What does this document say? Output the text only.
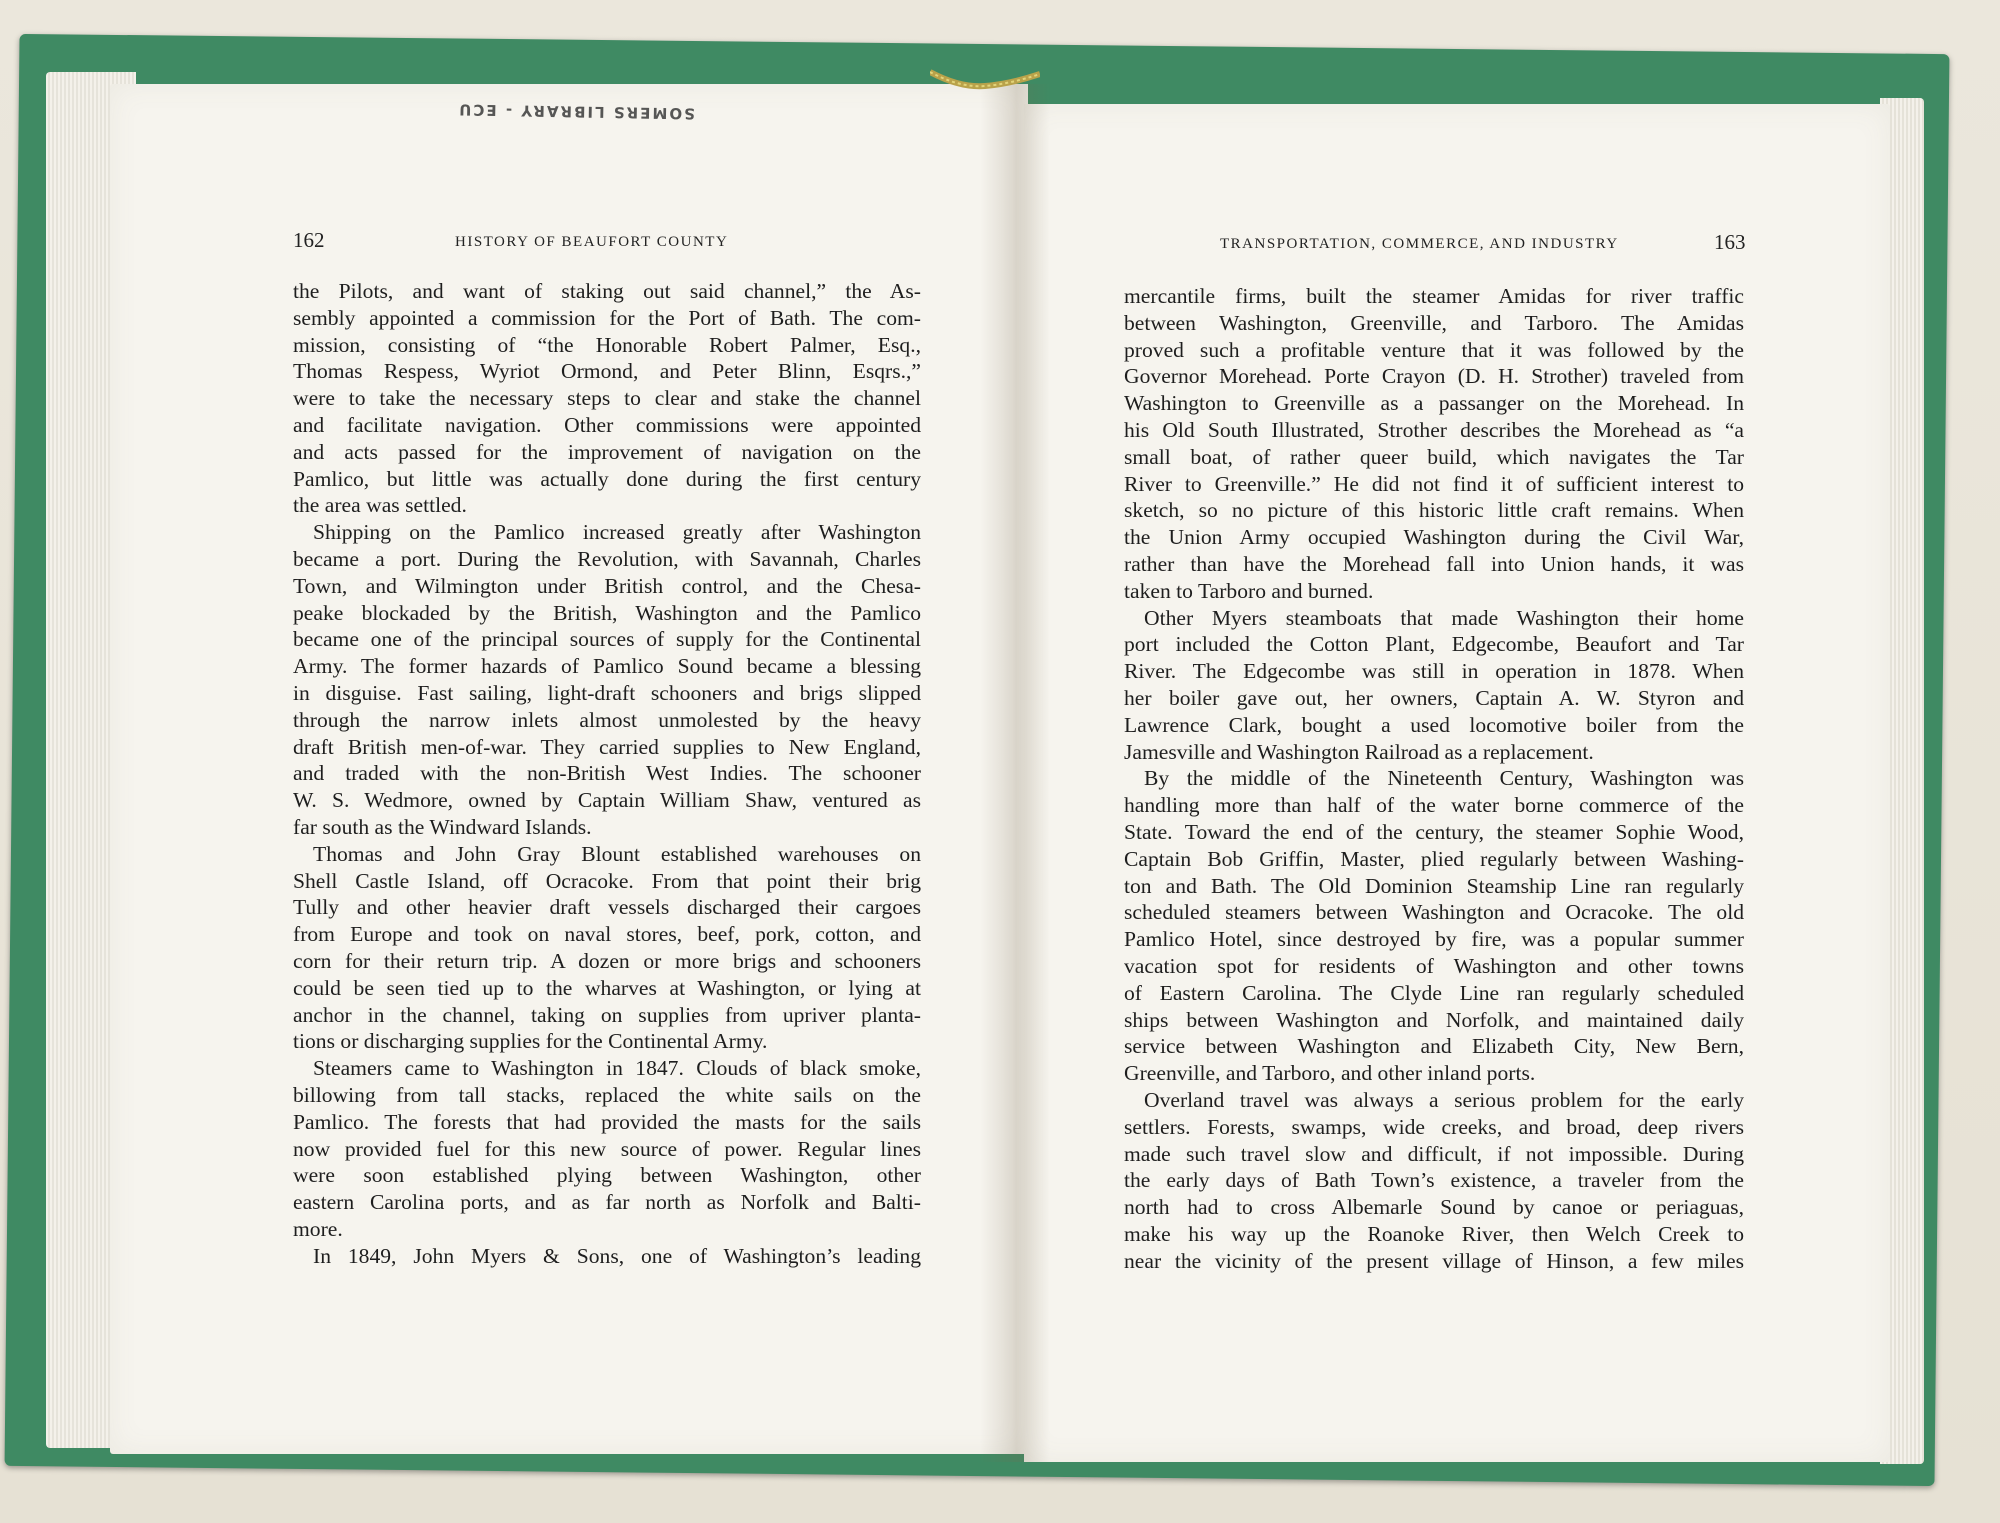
SOMERS LIBRARY - ECU
162	HISTORY OF BEAUFORT COUNTY	TRANSPORTATION, COMMERCE, AND INDUSTRY	163
the Pilots, and want of staking out said channel,” the As-
sembly appointed a commission for the Port of Bath. The com-
mission, consisting of “the Honorable Robert Palmer, Esq.,
Thomas Respess, Wyriot Ormond, and Peter Blinn, Esqrs.,”
were to take the necessary steps to clear and stake the channel
and facilitate navigation. Other commissions were appointed
and acts passed for the improvement of navigation on the
Pamlico, but little was actually done during the first century
the area was settled.
Shipping on the Pamlico increased greatly after Washington
became a port. During the Revolution, with Savannah, Charles
Town, and Wilmington under British control, and the Chesa-
peake blockaded by the British, Washington and the Pamlico
became one of the principal sources of supply for the Continental
Army. The former hazards of Pamlico Sound became a blessing
in disguise. Fast sailing, light-draft schooners and brigs slipped
through the narrow inlets almost unmolested by the heavy
draft British men-of-war. They carried supplies to New England,
and traded with the non-British West Indies. The schooner
W. S. Wedmore, owned by Captain William Shaw, ventured as
far south as the Windward Islands.
Thomas and John Gray Blount established warehouses on
Shell Castle Island, off Ocracoke. From that point their brig
Tully and other heavier draft vessels discharged their cargoes
from Europe and took on naval stores, beef, pork, cotton, and
corn for their return trip. A dozen or more brigs and schooners
could be seen tied up to the wharves at Washington, or lying at
anchor in the channel, taking on supplies from upriver planta-
tions or discharging supplies for the Continental Army.
Steamers came to Washington in 1847. Clouds of black smoke,
billowing from tall stacks, replaced the white sails on the
Pamlico. The forests that had provided the masts for the sails
now provided fuel for this new source of power. Regular lines
were soon established plying between Washington, other
eastern Carolina ports, and as far north as Norfolk and Balti-
more.
In 1849, John Myers & Sons, one of Washington’s leading
mercantile firms, built the steamer Amidas for river traffic
between Washington, Greenville, and Tarboro. The Amidas
proved such a profitable venture that it was followed by the
Governor Morehead. Porte Crayon (D. H. Strother) traveled from
Washington to Greenville as a passanger on the Morehead. In
his Old South Illustrated, Strother describes the Morehead as “a
small boat, of rather queer build, which navigates the Tar
River to Greenville.” He did not find it of sufficient interest to
sketch, so no picture of this historic little craft remains. When
the Union Army occupied Washington during the Civil War,
rather than have the Morehead fall into Union hands, it was
taken to Tarboro and burned.
Other Myers steamboats that made Washington their home
port included the Cotton Plant, Edgecombe, Beaufort and Tar
River. The Edgecombe was still in operation in 1878. When
her boiler gave out, her owners, Captain A. W. Styron and
Lawrence Clark, bought a used locomotive boiler from the
Jamesville and Washington Railroad as a replacement.
By the middle of the Nineteenth Century, Washington was
handling more than half of the water borne commerce of the
State. Toward the end of the century, the steamer Sophie Wood,
Captain Bob Griffin, Master, plied regularly between Washing-
ton and Bath. The Old Dominion Steamship Line ran regularly
scheduled steamers between Washington and Ocracoke. The old
Pamlico Hotel, since destroyed by fire, was a popular summer
vacation spot for residents of Washington and other towns
of Eastern Carolina. The Clyde Line ran regularly scheduled
ships between Washington and Norfolk, and maintained daily
service between Washington and Elizabeth City, New Bern,
Greenville, and Tarboro, and other inland ports.
Overland travel was always a serious problem for the early
settlers. Forests, swamps, wide creeks, and broad, deep rivers
made such travel slow and difficult, if not impossible. During
the early days of Bath Town’s existence, a traveler from the
north had to cross Albemarle Sound by canoe or periaguas,
make his way up the Roanoke River, then Welch Creek to
near the vicinity of the present village of Hinson, a few miles
